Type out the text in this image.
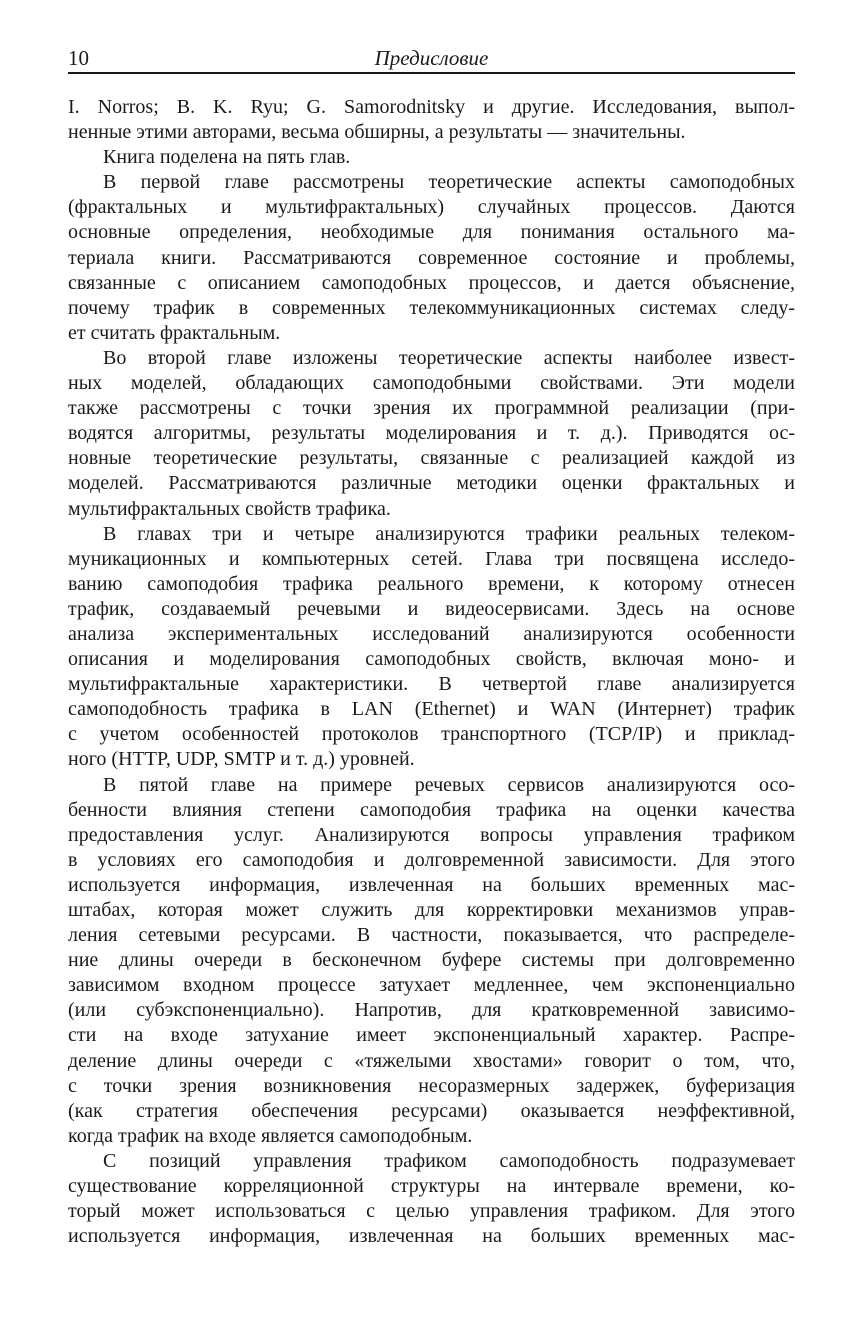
10	Предисловие
I. Norros; B. K. Ryu; G. Samorodnitsky и другие. Исследования, выпол-
ненные этими авторами, весьма обширны, а результаты — значительны.
Книга поделена на пять глав.
В первой главе рассмотрены теоретические аспекты самоподобных
(фрактальных и мультифрактальных) случайных процессов. Даются
основные определения, необходимые для понимания остального ма-
териала книги. Рассматриваются современное состояние и проблемы,
связанные с описанием самоподобных процессов, и дается объяснение,
почему трафик в современных телекоммуникационных системах следу-
ет считать фрактальным.
Во второй главе изложены теоретические аспекты наиболее извест-
ных моделей, обладающих самоподобными свойствами. Эти модели
также рассмотрены с точки зрения их программной реализации (при-
водятся алгоритмы, результаты моделирования и т. д.). Приводятся ос-
новные теоретические результаты, связанные с реализацией каждой из
моделей. Рассматриваются различные методики оценки фрактальных и
мультифрактальных свойств трафика.
В главах три и четыре анализируются трафики реальных телеком-
муникационных и компьютерных сетей. Глава три посвящена исследо-
ванию самоподобия трафика реального времени, к которому отнесен
трафик, создаваемый речевыми и видеосервисами. Здесь на основе
анализа экспериментальных исследований анализируются особенности
описания и моделирования самоподобных свойств, включая моно- и
мультифрактальные характеристики. В четвертой главе анализируется
самоподобность трафика в LAN (Ethernet) и WAN (Интернет) трафик
с учетом особенностей протоколов транспортного (TCP/IP) и приклад-
ного (HTTP, UDP, SMTP и т. д.) уровней.
В пятой главе на примере речевых сервисов анализируются осо-
бенности влияния степени самоподобия трафика на оценки качества
предоставления услуг. Анализируются вопросы управления трафиком
в условиях его самоподобия и долговременной зависимости. Для этого
используется информация, извлеченная на больших временных мас-
штабах, которая может служить для корректировки механизмов управ-
ления сетевыми ресурсами. В частности, показывается, что распределе-
ние длины очереди в бесконечном буфере системы при долговременно
зависимом входном процессе затухает медленнее, чем экспоненциально
(или субэкспоненциально). Напротив, для кратковременной зависимо-
сти на входе затухание имеет экспоненциальный характер. Распре-
деление длины очереди с «тяжелыми хвостами» говорит о том, что,
с точки зрения возникновения несоразмерных задержек, буферизация
(как стратегия обеспечения ресурсами) оказывается неэффективной,
когда трафик на входе является самоподобным.
С позиций управления трафиком самоподобность подразумевает
существование корреляционной структуры на интервале времени, ко-
торый может использоваться с целью управления трафиком. Для этого
используется информация, извлеченная на больших временных мас-
